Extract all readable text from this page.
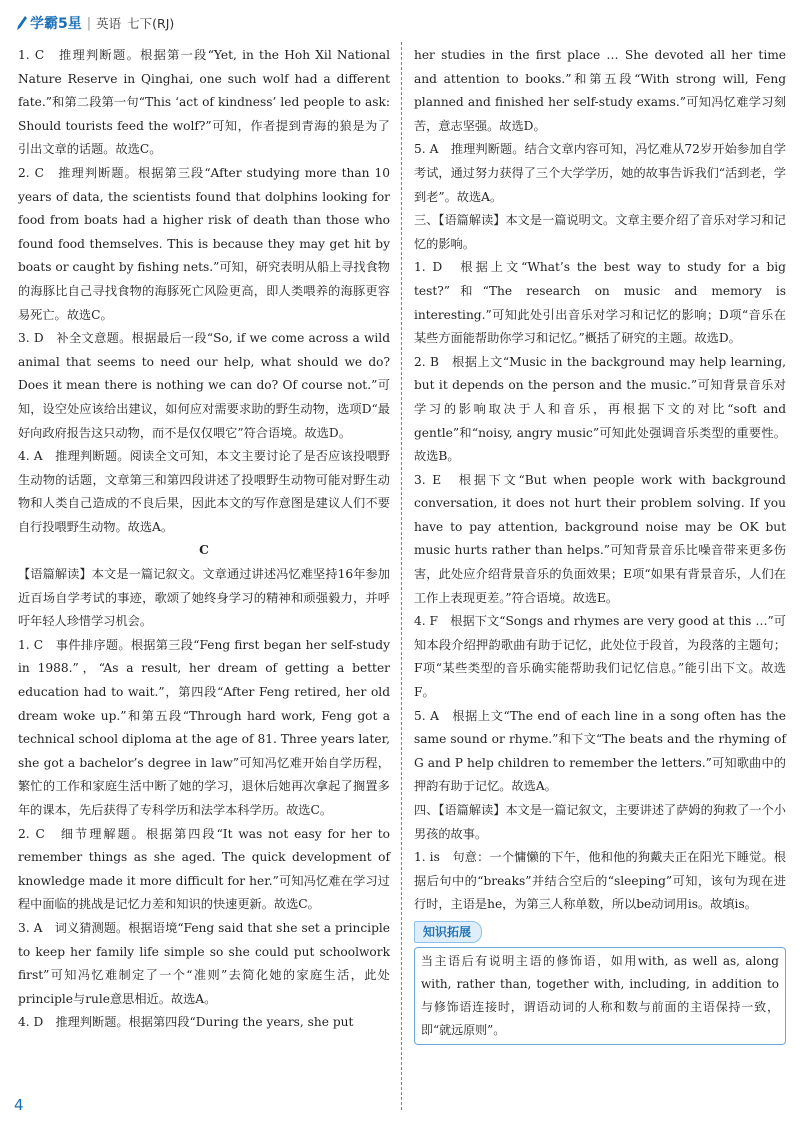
学霸5星 | 英语 七下(RJ)

1. C　推理判断题。根据第一段“Yet, in the Hoh Xil National Nature Reserve in Qinghai, one such wolf had a different fate.”和第二段第一句“This ‘act of kindness’ led people to ask: Should tourists feed the wolf?”可知，作者提到青海的狼是为了引出文章的话题。故选C。

2. C　推理判断题。根据第三段“After studying more than 10 years of data, the scientists found that dolphins looking for food from boats had a higher risk of death than those who found food themselves. This is because they may get hit by boats or caught by fishing nets.”可知，研究表明从船上寻找食物的海豚比自己寻找食物的海豚死亡风险更高，即人类喂养的海豚更容易死亡。故选C。

3. D　补全文意题。根据最后一段“So, if we come across a wild animal that seems to need our help, what should we do? Does it mean there is nothing we can do? Of course not.”可知，设空处应该给出建议，如何应对需要求助的野生动物，选项D“最好向政府报告这只动物，而不是仅仅喂它”符合语境。故选D。

4. A　推理判断题。阅读全文可知，本文主要讨论了是否应该投喂野生动物的话题，文章第三和第四段讲述了投喂野生动物可能对野生动物和人类自己造成的不良后果，因此本文的写作意图是建议人们不要自行投喂野生动物。故选A。

C

【语篇解读】本文是一篇记叙文。文章通过讲述冯忆难坚持16年参加近百场自学考试的事迹，歌颂了她终身学习的精神和顽强毅力，并呼吁年轻人珍惜学习机会。

1. C　事件排序题。根据第三段“Feng first began her self-study in 1988.”，“As a result, her dream of getting a better education had to wait.”，第四段“After Feng retired, her old dream woke up.”和第五段“Through hard work, Feng got a technical school diploma at the age of 81. Three years later, she got a bachelor’s degree in law”可知冯忆难开始自学历程，繁忙的工作和家庭生活中断了她的学习，退休后她再次拿起了搁置多年的课本，先后获得了专科学历和法学本科学历。故选C。

2. C　细节理解题。根据第四段“It was not easy for her to remember things as she aged. The quick development of knowledge made it more difficult for her.”可知冯忆难在学习过程中面临的挑战是记忆力差和知识的快速更新。故选C。

3. A　词义猜测题。根据语境“Feng said that she set a principle to keep her family life simple so she could put schoolwork first”可知冯忆难制定了一个“准则”去简化她的家庭生活，此处principle与rule意思相近。故选A。

4. D　推理判断题。根据第四段“During the years, she put

her studies in the first place … She devoted all her time and attention to books.”和第五段“With strong will, Feng planned and finished her self-study exams.”可知冯忆难学习刻苦，意志坚强。故选D。

5. A　推理判断题。结合文章内容可知，冯忆难从72岁开始参加自学考试，通过努力获得了三个大学学历，她的故事告诉我们“活到老，学到老”。故选A。

三、【语篇解读】本文是一篇说明文。文章主要介绍了音乐对学习和记忆的影响。

1. D　根据上文“What’s the best way to study for a big test?”和“The research on music and memory is interesting.”可知此处引出音乐对学习和记忆的影响；D项“音乐在某些方面能帮助你学习和记忆。”概括了研究的主题。故选D。

2. B　根据上文“Music in the background may help learning, but it depends on the person and the music.”可知背景音乐对学习的影响取决于人和音乐，再根据下文的对比“soft and gentle”和“noisy, angry music”可知此处强调音乐类型的重要性。故选B。

3. E　根据下文“But when people work with background conversation, it does not hurt their problem solving. If you have to pay attention, background noise may be OK but music hurts rather than helps.”可知背景音乐比噪音带来更多伤害，此处应介绍背景音乐的负面效果；E项“如果有背景音乐，人们在工作上表现更差。”符合语境。故选E。

4. F　根据下文“Songs and rhymes are very good at this …”可知本段介绍押韵歌曲有助于记忆，此处位于段首，为段落的主题句；F项“某些类型的音乐确实能帮助我们记忆信息。”能引出下文。故选F。

5. A　根据上文“The end of each line in a song often has the same sound or rhyme.”和下文“The beats and the rhyming of G and P help children to remember the letters.”可知歌曲中的押韵有助于记忆。故选A。

四、【语篇解读】本文是一篇记叙文，主要讲述了萨姆的狗救了一个小男孩的故事。

1. is　句意：一个慵懒的下午，他和他的狗戴夫正在阳光下睡觉。根据后句中的“breaks”并结合空后的“sleeping”可知，该句为现在进行时，主语是he，为第三人称单数，所以be动词用is。故填is。

知识拓展
当主语后有说明主语的修饰语，如用with, as well as, along with, rather than, together with, including, in addition to与修饰语连接时，谓语动词的人称和数与前面的主语保持一致，即“就远原则”。
4
